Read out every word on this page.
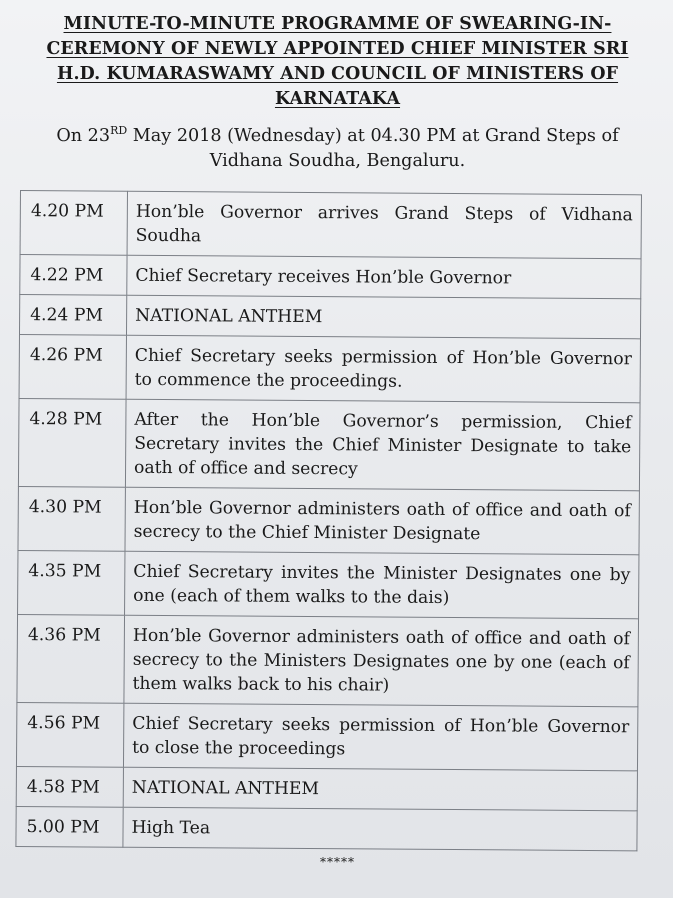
MINUTE-TO-MINUTE PROGRAMME OF SWEARING-IN-
CEREMONY OF NEWLY APPOINTED CHIEF MINISTER SRI
H.D. KUMARASWAMY AND COUNCIL OF MINISTERS OF
KARNATAKA
On 23RD May 2018 (Wednesday) at 04.30 PM at Grand Steps of
Vidhana Soudha, Bengaluru.
4.20 PM	Hon’ble Governor arrives Grand Steps of Vidhana Soudha
4.22 PM	Chief Secretary receives Hon’ble Governor
4.24 PM	NATIONAL ANTHEM
4.26 PM	Chief Secretary seeks permission of Hon’ble Governor to commence the proceedings.
4.28 PM	After the Hon’ble Governor’s permission, Chief Secretary invites the Chief Minister Designate to take oath of office and secrecy
4.30 PM	Hon’ble Governor administers oath of office and oath of secrecy to the Chief Minister Designate
4.35 PM	Chief Secretary invites the Minister Designates one by one (each of them walks to the dais)
4.36 PM	Hon’ble Governor administers oath of office and oath of secrecy to the Ministers Designates one by one (each of them walks back to his chair)
4.56 PM	Chief Secretary seeks permission of Hon’ble Governor to close the proceedings
4.58 PM	NATIONAL ANTHEM
5.00 PM	High Tea
*****
